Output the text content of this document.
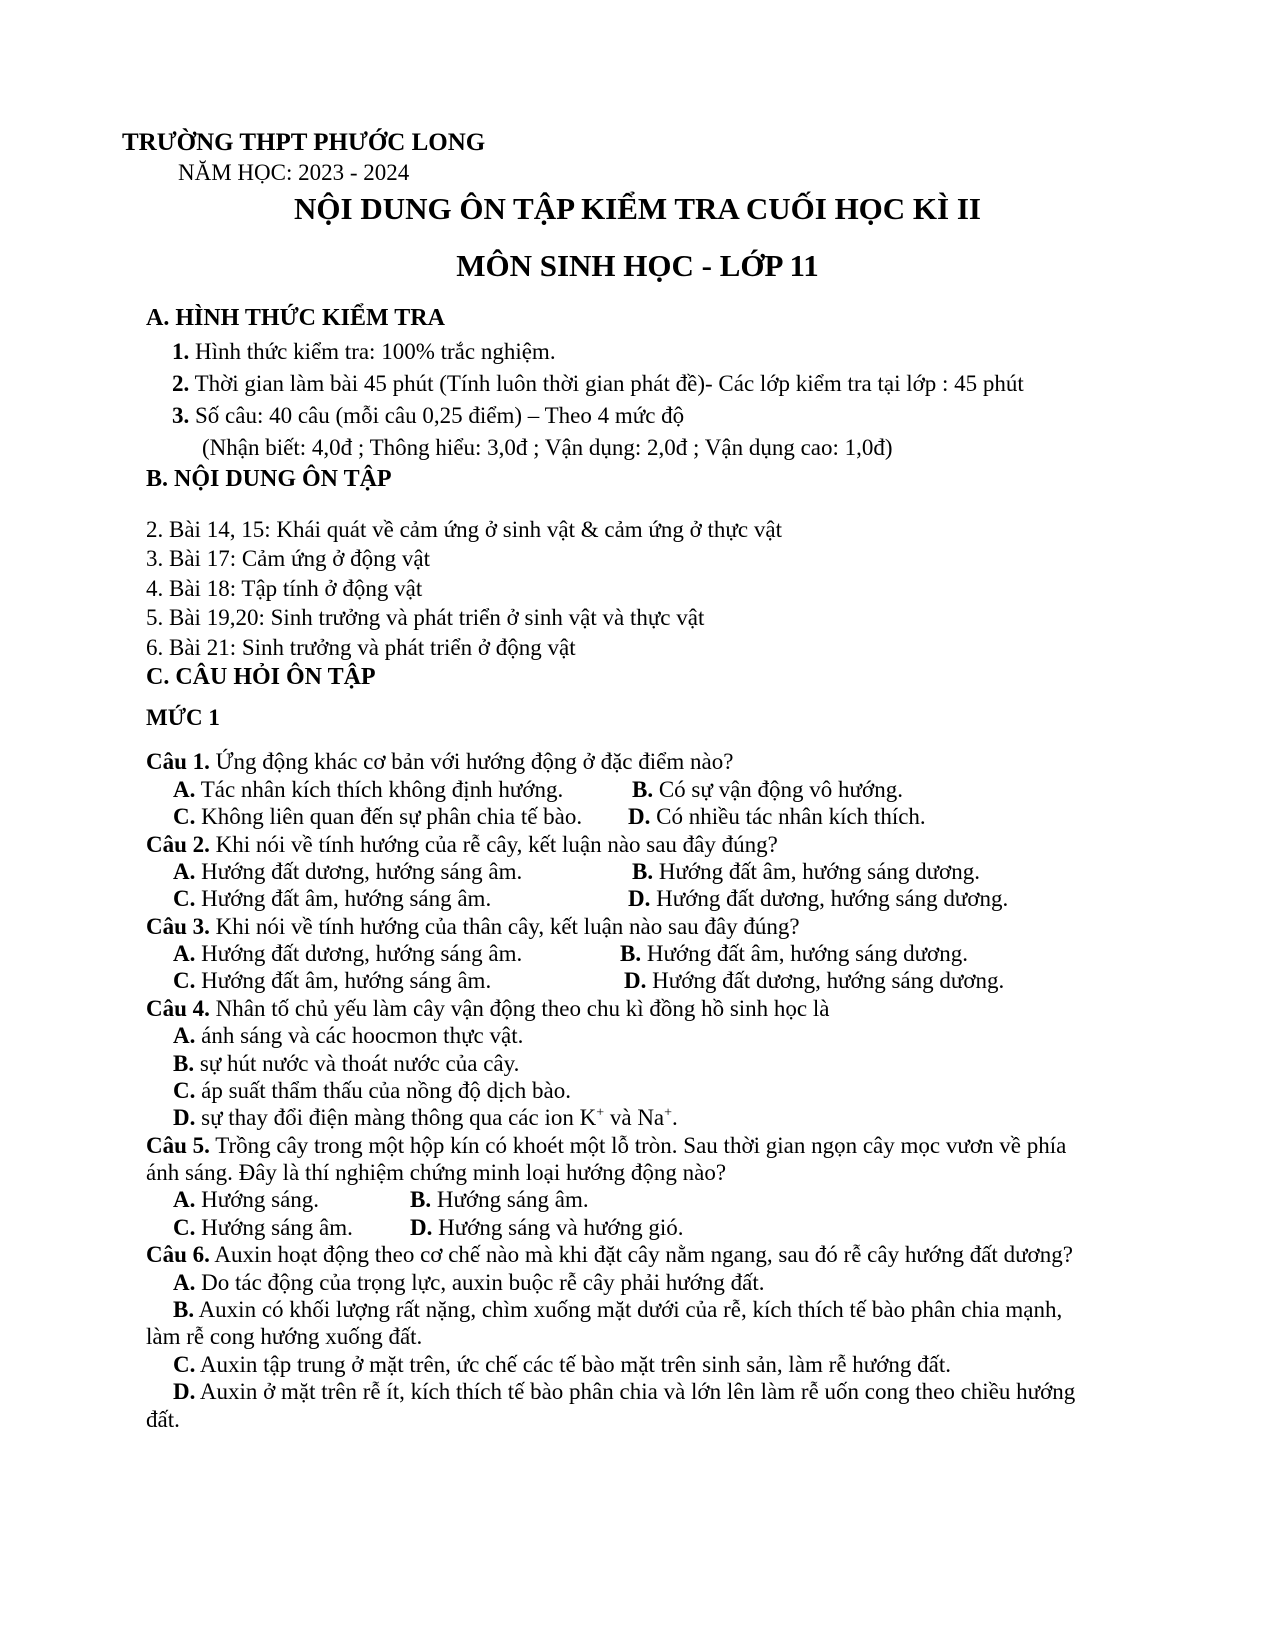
TRƯỜNG THPT PHƯỚC LONG
NĂM HỌC: 2023 - 2024
NỘI DUNG ÔN TẬP KIỂM TRA CUỐI HỌC KÌ II
MÔN SINH HỌC - LỚP 11
A. HÌNH THỨC KIỂM TRA
1. Hình thức kiểm tra: 100% trắc nghiệm.
2. Thời gian làm bài 45 phút (Tính luôn thời gian phát đề)- Các lớp kiểm tra tại lớp : 45 phút
3. Số câu: 40 câu (mỗi câu 0,25 điểm) – Theo 4 mức độ
(Nhận biết: 4,0đ ; Thông hiểu: 3,0đ ; Vận dụng: 2,0đ ; Vận dụng cao: 1,0đ)
B. NỘI DUNG ÔN TẬP
2. Bài 14, 15: Khái quát về cảm ứng ở sinh vật & cảm ứng ở thực vật
3. Bài 17: Cảm ứng ở động vật
4. Bài 18: Tập tính ở động vật
5. Bài 19,20: Sinh trưởng và phát triển ở sinh vật và thực vật
6. Bài 21: Sinh trưởng và phát triển ở động vật
C. CÂU HỎI ÔN TẬP
MỨC 1
Câu 1. Ứng động khác cơ bản với hướng động ở đặc điểm nào?
A. Tác nhân kích thích không định hướng.	B. Có sự vận động vô hướng.
C. Không liên quan đến sự phân chia tế bào. D. Có nhiều tác nhân kích thích.
Câu 2. Khi nói về tính hướng của rễ cây, kết luận nào sau đây đúng?
A. Hướng đất dương, hướng sáng âm.	B. Hướng đất âm, hướng sáng dương.
C. Hướng đất âm, hướng sáng âm.	D. Hướng đất dương, hướng sáng dương.
Câu 3. Khi nói về tính hướng của thân cây, kết luận nào sau đây đúng?
A. Hướng đất dương, hướng sáng âm.	B. Hướng đất âm, hướng sáng dương.
C. Hướng đất âm, hướng sáng âm.	D. Hướng đất dương, hướng sáng dương.
Câu 4. Nhân tố chủ yếu làm cây vận động theo chu kì đồng hồ sinh học là
A. ánh sáng và các hoocmon thực vật.
B. sự hút nước và thoát nước của cây.
C. áp suất thẩm thấu của nồng độ dịch bào.
D. sự thay đổi điện màng thông qua các ion K+ và Na+.
Câu 5. Trồng cây trong một hộp kín có khoét một lỗ tròn. Sau thời gian ngọn cây mọc vươn về phía
ánh sáng. Đây là thí nghiệm chứng minh loại hướng động nào?
A. Hướng sáng.	B. Hướng sáng âm.
C. Hướng sáng âm. D. Hướng sáng và hướng gió.
Câu 6. Auxin hoạt động theo cơ chế nào mà khi đặt cây nằm ngang, sau đó rễ cây hướng đất dương?
A. Do tác động của trọng lực, auxin buộc rễ cây phải hướng đất.
B. Auxin có khối lượng rất nặng, chìm xuống mặt dưới của rễ, kích thích tế bào phân chia mạnh,
làm rễ cong hướng xuống đất.
C. Auxin tập trung ở mặt trên, ức chế các tế bào mặt trên sinh sản, làm rễ hướng đất.
D. Auxin ở mặt trên rễ ít, kích thích tế bào phân chia và lớn lên làm rễ uốn cong theo chiều hướng
đất.
